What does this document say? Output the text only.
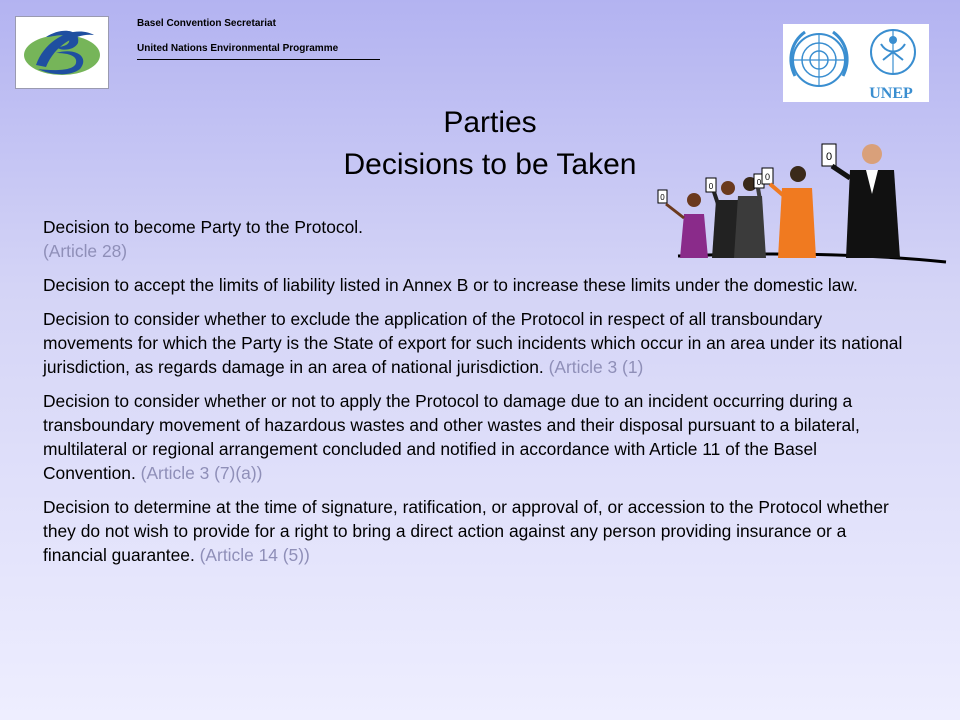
Basel Convention Secretariat
United Nations Environmental Programme
UNEP
Parties
Decisions to be Taken
0
0	0
0
0

Decision to become Party to the Protocol.
(Article 28)

Decision to accept the limits of liability listed in Annex B or to increase these limits under the domestic law.

Decision to consider whether to exclude the application of the Protocol in respect of all transboundary movements for which the Party is the State of export for such incidents which occur in an area under its national jurisdiction, as regards damage in an area of national jurisdiction. (Article 3 (1)

Decision to consider whether or not to apply the Protocol to damage due to an incident occurring during a transboundary movement of hazardous wastes and other wastes and their disposal pursuant to a bilateral, multilateral or regional arrangement concluded and notified in accordance with Article 11 of the Basel Convention. (Article 3 (7)(a))

Decision to determine at the time of signature, ratification, or approval of, or accession to the Protocol whether they do not wish to provide for a right to bring a direct action against any person providing insurance or a financial guarantee. (Article 14 (5))
